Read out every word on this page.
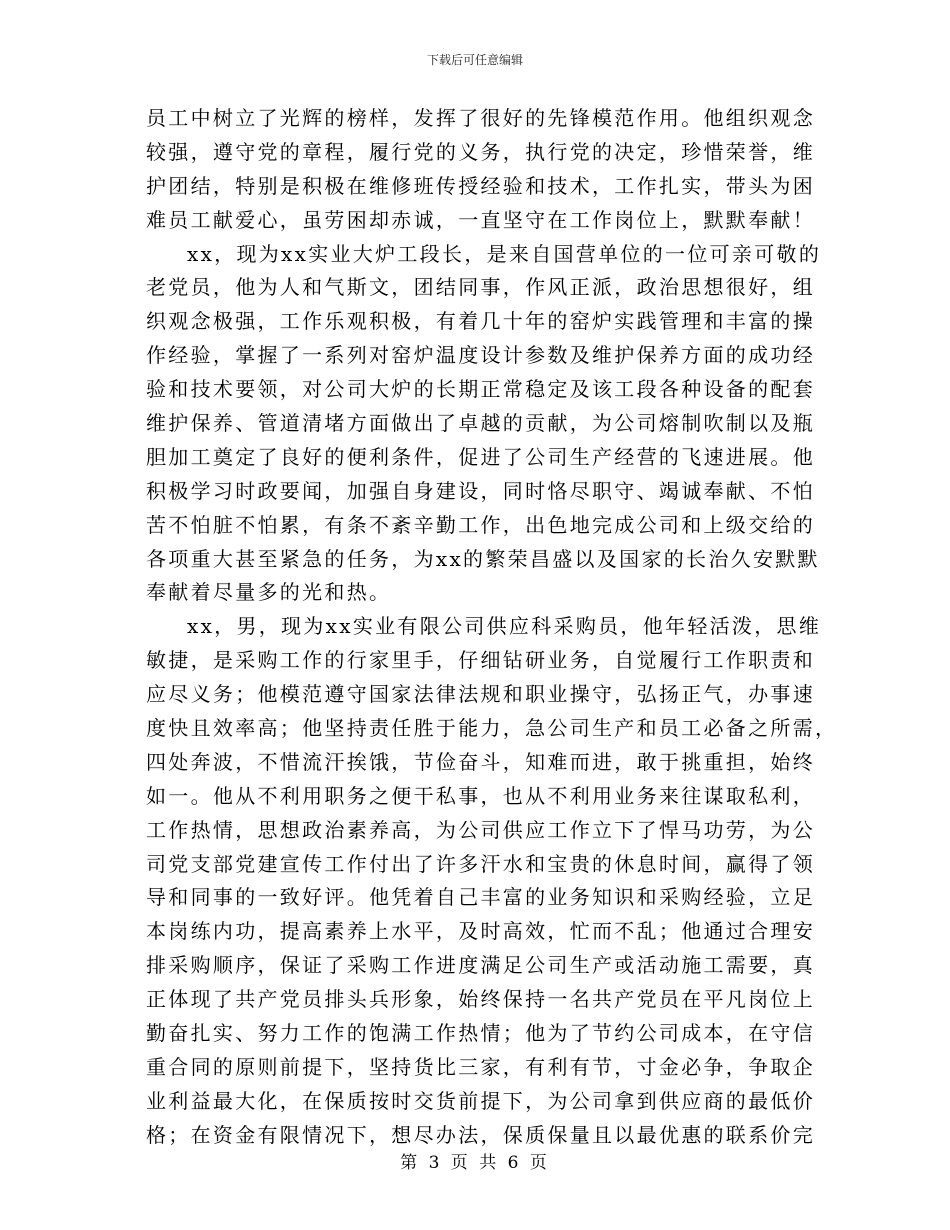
下载后可任意编辑
员工中树立了光辉的榜样，发挥了很好的先锋模范作用。他组织观念
较强，遵守党的章程，履行党的义务，执行党的决定，珍惜荣誉，维
护团结，特别是积极在维修班传授经验和技术，工作扎实，带头为困
难员工献爱心，虽劳困却赤诚，一直坚守在工作岗位上，默默奉献！
xx，现为xx实业大炉工段长，是来自国营单位的一位可亲可敬的
老党员，他为人和气斯文，团结同事，作风正派，政治思想很好，组
织观念极强，工作乐观积极，有着几十年的窑炉实践管理和丰富的操
作经验，掌握了一系列对窑炉温度设计参数及维护保养方面的成功经
验和技术要领，对公司大炉的长期正常稳定及该工段各种设备的配套
维护保养、管道清堵方面做出了卓越的贡献，为公司熔制吹制以及瓶
胆加工奠定了良好的便利条件，促进了公司生产经营的飞速进展。他
积极学习时政要闻，加强自身建设，同时恪尽职守、竭诚奉献、不怕
苦不怕脏不怕累，有条不紊辛勤工作，出色地完成公司和上级交给的
各项重大甚至紧急的任务，为xx的繁荣昌盛以及国家的长治久安默默
奉献着尽量多的光和热。
xx，男，现为xx实业有限公司供应科采购员，他年轻活泼，思维
敏捷，是采购工作的行家里手，仔细钻研业务，自觉履行工作职责和
应尽义务；他模范遵守国家法律法规和职业操守，弘扬正气，办事速
度快且效率高；他坚持责任胜于能力，急公司生产和员工必备之所需，
四处奔波，不惜流汗挨饿，节俭奋斗，知难而进，敢于挑重担，始终
如一。他从不利用职务之便干私事，也从不利用业务来往谋取私利，
工作热情，思想政治素养高，为公司供应工作立下了悍马功劳，为公
司党支部党建宣传工作付出了许多汗水和宝贵的休息时间，赢得了领
导和同事的一致好评。他凭着自己丰富的业务知识和采购经验，立足
本岗练内功，提高素养上水平，及时高效，忙而不乱；他通过合理安
排采购顺序，保证了采购工作进度满足公司生产或活动施工需要，真
正体现了共产党员排头兵形象，始终保持一名共产党员在平凡岗位上
勤奋扎实、努力工作的饱满工作热情；他为了节约公司成本，在守信
重合同的原则前提下，坚持货比三家，有利有节，寸金必争，争取企
业利益最大化，在保质按时交货前提下，为公司拿到供应商的最低价
格；在资金有限情况下，想尽办法，保质保量且以最优惠的联系价完
第 3 页 共 6 页
